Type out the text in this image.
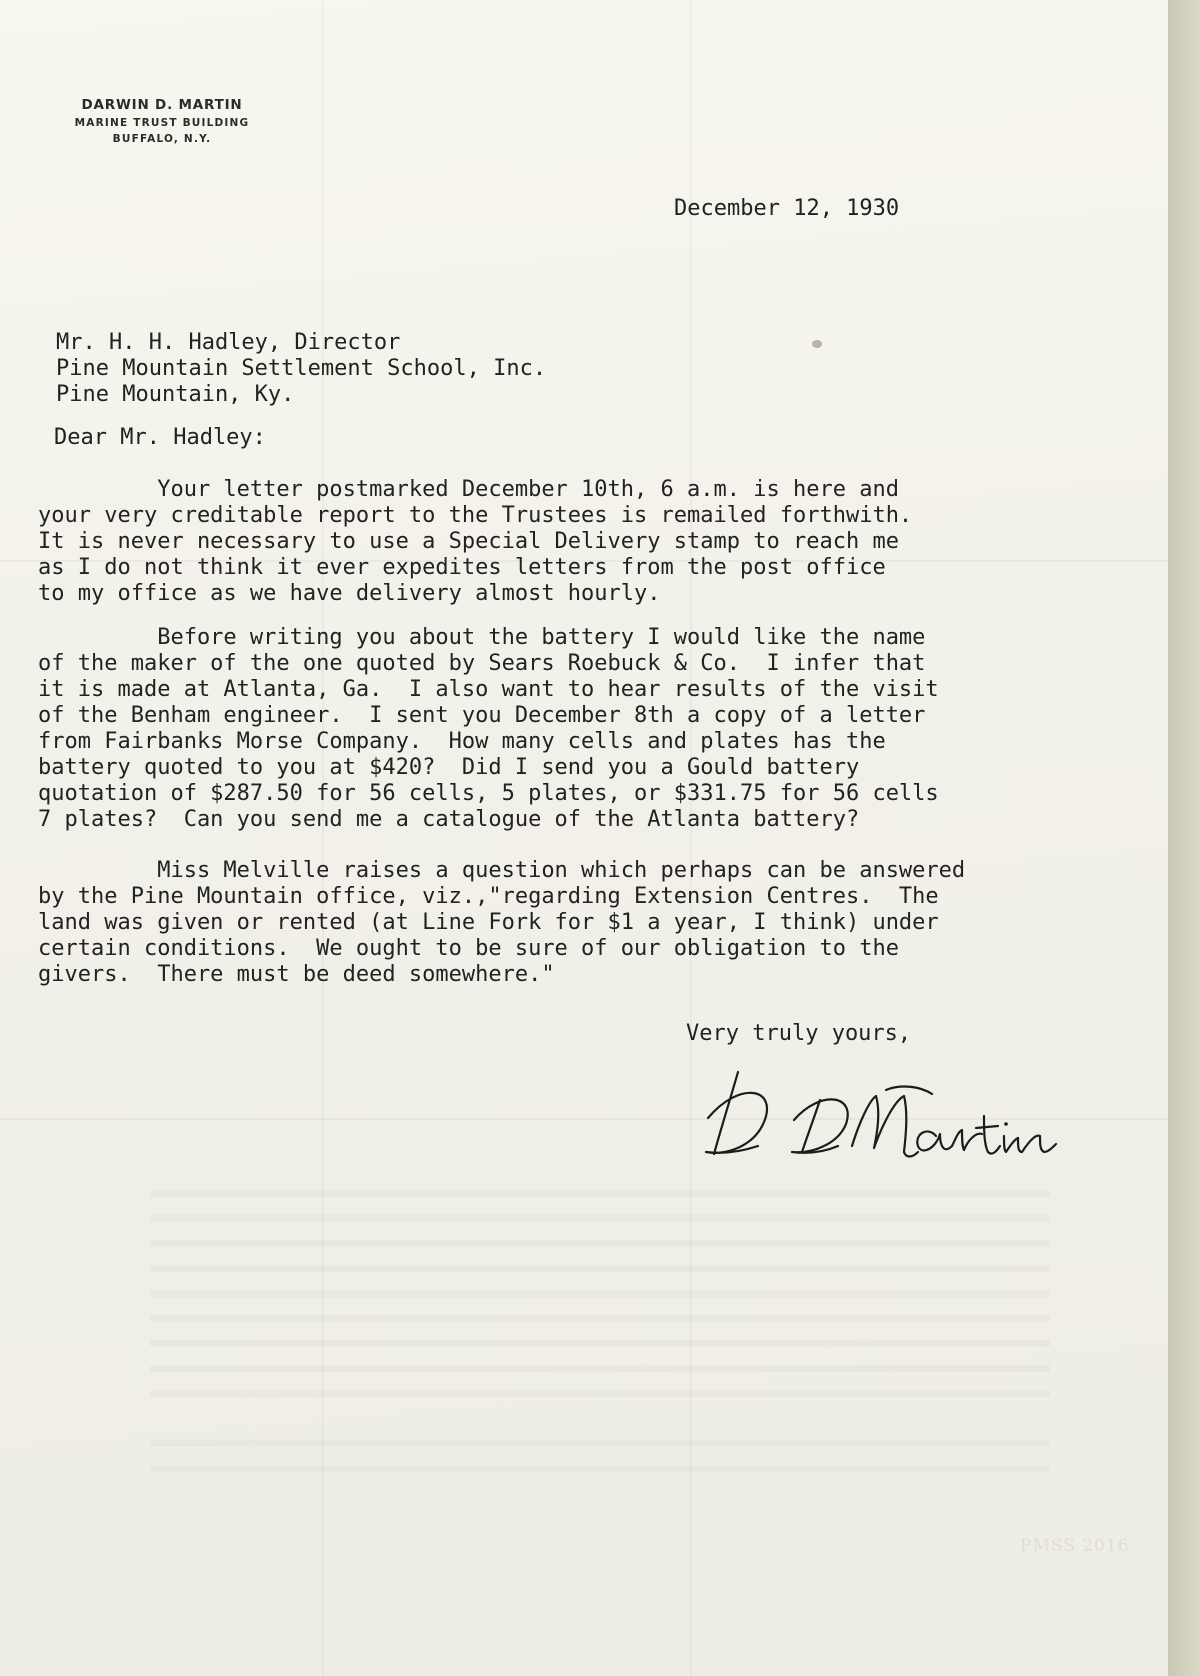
DARWIN D. MARTIN
MARINE TRUST BUILDING
BUFFALO, N.Y.
December 12, 1930
Mr. H. H. Hadley, Director
Pine Mountain Settlement School, Inc.
Pine Mountain, Ky.
Dear Mr. Hadley:
Your letter postmarked December 10th, 6 a.m. is here and
your very creditable report to the Trustees is remailed forthwith.
It is never necessary to use a Special Delivery stamp to reach me
as I do not think it ever expedites letters from the post office
to my office as we have delivery almost hourly.
Before writing you about the battery I would like the name
of the maker of the one quoted by Sears Roebuck & Co.  I infer that
it is made at Atlanta, Ga.  I also want to hear results of the visit
of the Benham engineer.  I sent you December 8th a copy of a letter
from Fairbanks Morse Company.  How many cells and plates has the
battery quoted to you at $420?  Did I send you a Gould battery
quotation of $287.50 for 56 cells, 5 plates, or $331.75 for 56 cells
7 plates?  Can you send me a catalogue of the Atlanta battery?
Miss Melville raises a question which perhaps can be answered
by the Pine Mountain office, viz.,"regarding Extension Centres.  The
land was given or rented (at Line Fork for $1 a year, I think) under
certain conditions.  We ought to be sure of our obligation to the
givers.  There must be deed somewhere."
Very truly yours,
PMSS 2016
